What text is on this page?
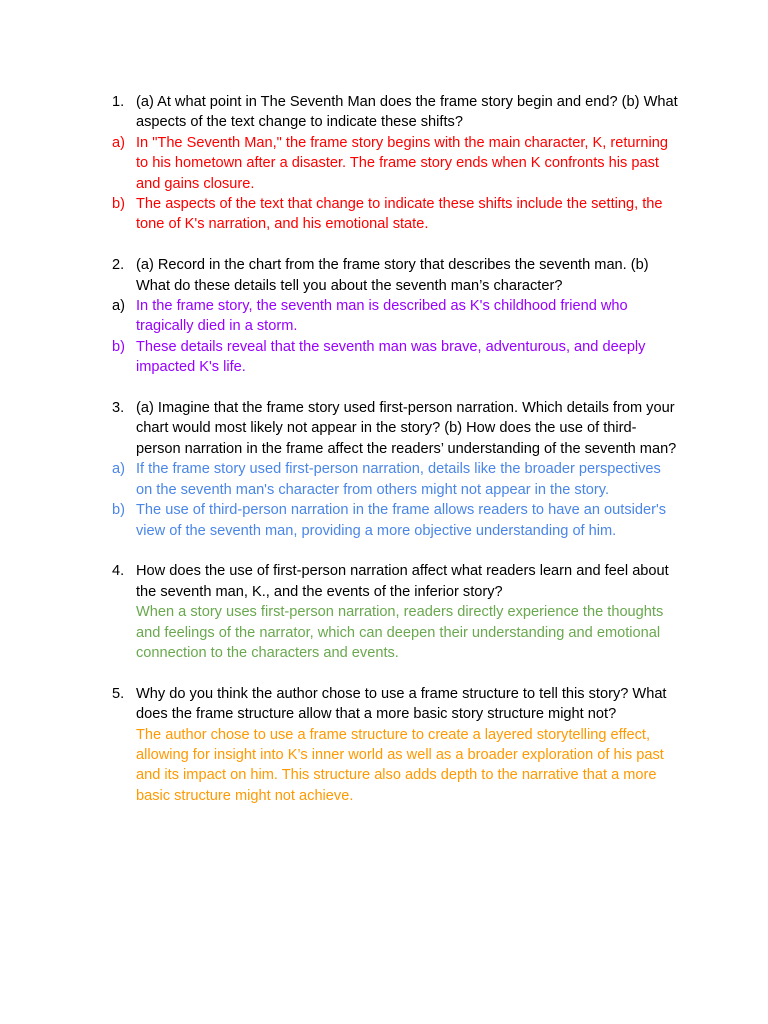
1. (a) At what point in The Seventh Man does the frame story begin and end? (b) What aspects of the text change to indicate these shifts?
a) In "The Seventh Man," the frame story begins with the main character, K, returning to his hometown after a disaster. The frame story ends when K confronts his past and gains closure.
b) The aspects of the text that change to indicate these shifts include the setting, the tone of K's narration, and his emotional state.
2. (a) Record in the chart from the frame story that describes the seventh man. (b) What do these details tell you about the seventh man’s character?
a) In the frame story, the seventh man is described as K's childhood friend who tragically died in a storm.
b) These details reveal that the seventh man was brave, adventurous, and deeply impacted K's life.
3. (a) Imagine that the frame story used first-person narration. Which details from your chart would most likely not appear in the story? (b) How does the use of third-person narration in the frame affect the readers’ understanding of the seventh man?
a) If the frame story used first-person narration, details like the broader perspectives on the seventh man's character from others might not appear in the story.
b) The use of third-person narration in the frame allows readers to have an outsider's view of the seventh man, providing a more objective understanding of him.
4. How does the use of first-person narration affect what readers learn and feel about the seventh man, K., and the events of the inferior story?
When a story uses first-person narration, readers directly experience the thoughts and feelings of the narrator, which can deepen their understanding and emotional connection to the characters and events.
5. Why do you think the author chose to use a frame structure to tell this story? What does the frame structure allow that a more basic story structure might not?
The author chose to use a frame structure to create a layered storytelling effect, allowing for insight into K’s inner world as well as a broader exploration of his past and its impact on him. This structure also adds depth to the narrative that a more basic structure might not achieve.
